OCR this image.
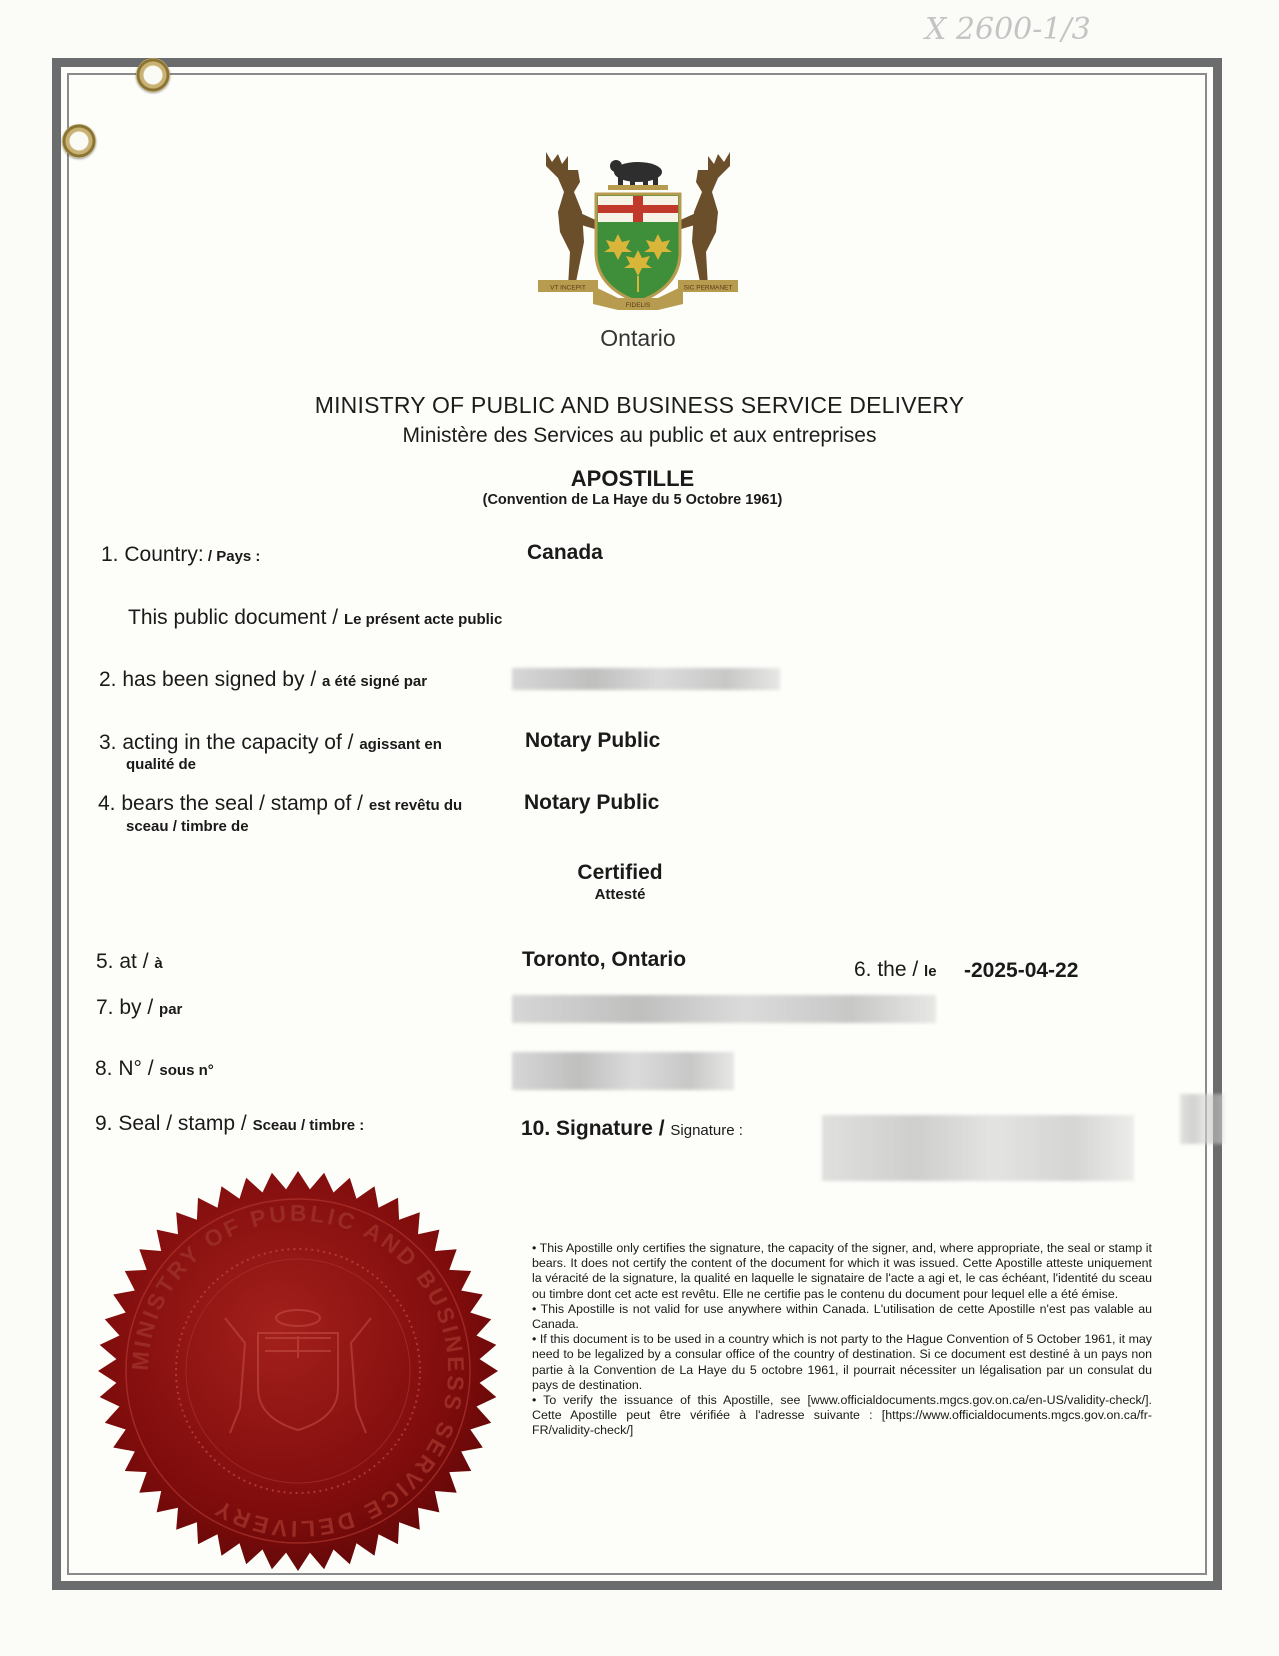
X 2600-1/3
VT INCEPIT
FIDELIS
SIC PERMANET
Ontario
MINISTRY OF PUBLIC AND BUSINESS SERVICE DELIVERY
Ministère des Services au public et aux entreprises
APOSTILLE
(Convention de La Haye du 5 Octobre 1961)
1. Country: / Pays :	Canada
This public document / Le présent acte public
2. has been signed by / a été signé par
3. acting in the capacity of / agissant en
qualité de
Notary Public
4. bears the seal / stamp of / est revêtu du
sceau / timbre de
Notary Public
Certified
Attesté
5. at / à	Toronto, Ontario	6. the / le -2025-04-22
7. by / par
8. N° / sous n°
9. Seal / stamp / Sceau / timbre :	10. Signature / Signature :
MINISTRY OF PUBLIC AND BUSINESS SERVICE DELIVERY

• This Apostille only certifies the signature, the capacity of the signer, and, where appropriate, the seal or stamp it bears. It does not certify the content of the document for which it was issued. Cette Apostille atteste uniquement la véracité de la signature, la qualité en laquelle le signataire de l'acte a agi et, le cas échéant, l'identité du sceau ou timbre dont cet acte est revêtu. Elle ne certifie pas le contenu du document pour lequel elle a été émise.

• This Apostille is not valid for use anywhere within Canada. L'utilisation de cette Apostille n'est pas valable au Canada.

• If this document is to be used in a country which is not party to the Hague Convention of 5 October 1961, it may need to be legalized by a consular office of the country of destination. Si ce document est destiné à un pays non partie à la Convention de La Haye du 5 octobre 1961, il pourrait nécessiter un légalisation par un consulat du pays de destination.

• To verify the issuance of this Apostille, see [www.officialdocuments.mgcs.gov.on.ca/en-US/validity-check/]. Cette Apostille peut être vérifiée à l'adresse suivante : [https://www.officialdocuments.mgcs.gov.on.ca/fr-FR/validity-check/]
